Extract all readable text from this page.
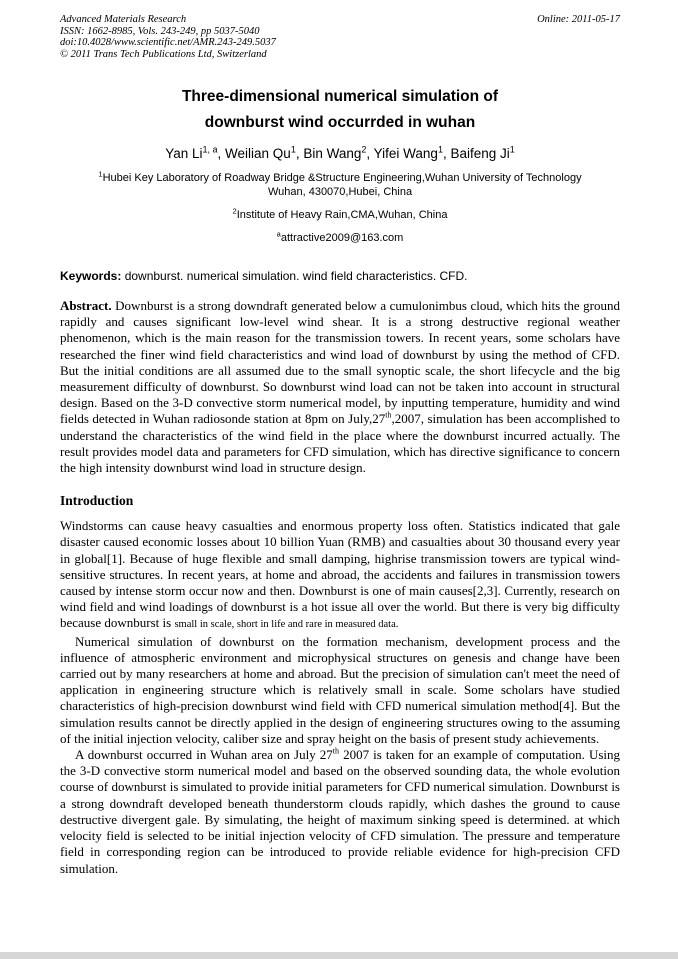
Advanced Materials Research
ISSN: 1662-8985, Vols. 243-249, pp 5037-5040
doi:10.4028/www.scientific.net/AMR.243-249.5037
© 2011 Trans Tech Publications Ltd, Switzerland
Online: 2011-05-17
Three-dimensional numerical simulation of
downburst wind occurrded in wuhan
Yan Li$^{1, a}$, Weilian Qu$^1$, Bin Wang$^2$, Yifei Wang$^1$, Baifeng Ji$^1$
$^1$Hubei Key Laboratory of Roadway Bridge &Structure Engineering,Wuhan University of Technology
Wuhan, 430070,Hubei, China
$^2$Institute of Heavy Rain,CMA,Wuhan, China
$^a$attractive2009@163.com
Keywords: downburst. numerical simulation. wind field characteristics. CFD.

Abstract. Downburst is a strong downdraft generated below a cumulonimbus cloud, which hits the ground rapidly and causes significant low-level wind shear. It is a strong destructive regional weather phenomenon, which is the main reason for the transmission towers. In recent years, some scholars have researched the finer wind field characteristics and wind load of downburst by using the method of CFD. But the initial conditions are all assumed due to the small synoptic scale, the short lifecycle and the big measurement difficulty of downburst. So downburst wind load can not be taken into account in structural design. Based on the 3-D convective storm numerical model, by inputting temperature, humidity and wind fields detected in Wuhan radiosonde station at 8pm on July,27th,2007, simulation has been accomplished to understand the characteristics of the wind field in the place where the downburst incurred actually. The result provides model data and parameters for CFD simulation, which has directive significance to concern the high intensity downburst wind load in structure design.

Introduction

Windstorms can cause heavy casualties and enormous property loss often. Statistics indicated that gale disaster caused economic losses about 10 billion Yuan (RMB) and casualties about 30 thousand every year in global[1]. Because of huge flexible and small damping, highrise transmission towers are typical wind-sensitive structures. In recent years, at home and abroad, the accidents and failures in transmission towers caused by intense storm occur now and then. Downburst is one of main causes[2,3]. Currently, research on wind field and wind loadings of downburst is a hot issue all over the world. But there is very big difficulty because downburst is small in scale, short in life and rare in measured data.

Numerical simulation of downburst on the formation mechanism, development process and the influence of atmospheric environment and microphysical structures on genesis and change have been carried out by many researchers at home and abroad. But the precision of simulation can't meet the need of application in engineering structure which is relatively small in scale. Some scholars have studied characteristics of high-precision downburst wind field with CFD numerical simulation method[4]. But the simulation results cannot be directly applied in the design of engineering structures owing to the assuming of the initial injection velocity, caliber size and spray height on the basis of present study achievements.

A downburst occurred in Wuhan area on July 27th 2007 is taken for an example of computation. Using the 3-D convective storm numerical model and based on the observed sounding data, the whole evolution course of downburst is simulated to provide initial parameters for CFD numerical simulation. Downburst is a strong downdraft developed beneath thunderstorm clouds rapidly, which dashes the ground to cause destructive divergent gale. By simulating, the height of maximum sinking speed is determined. at which velocity field is selected to be initial injection velocity of CFD simulation. The pressure and temperature field in corresponding region can be introduced to provide reliable evidence for high-precision CFD simulation.
